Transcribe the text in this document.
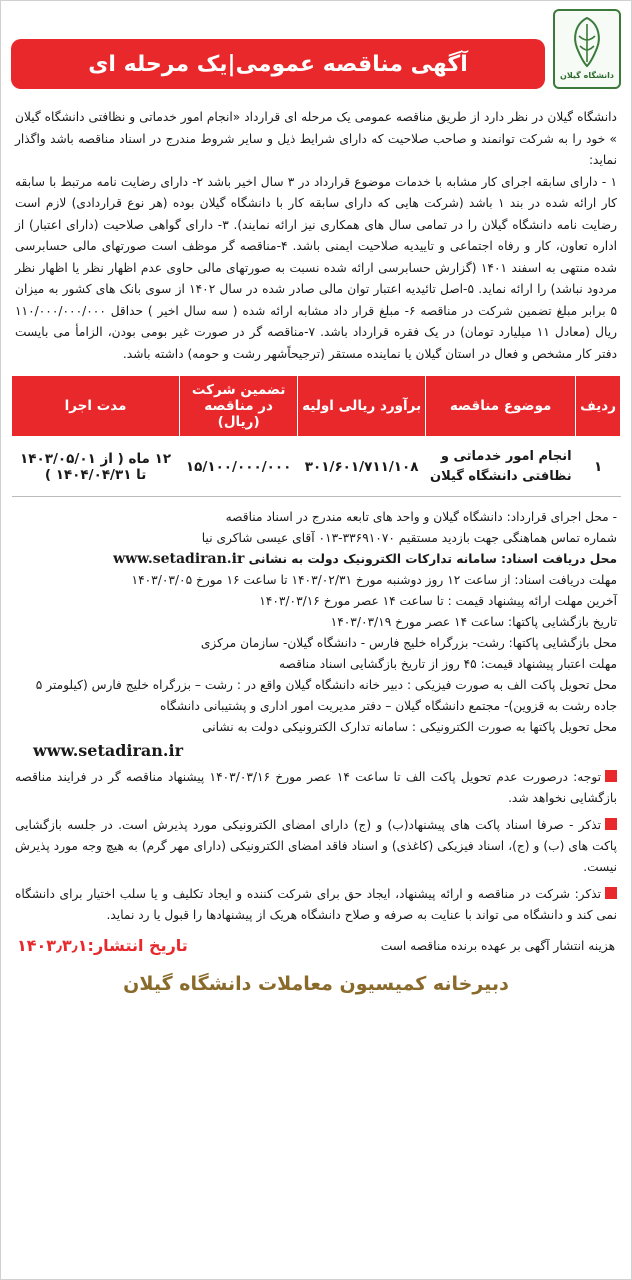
دانشگاه گیلان
آگهی مناقصه عمومی|یک مرحله ای

دانشگاه گیلان در نظر دارد از طریق مناقصه عمومی یک مرحله ای قرارداد «انجام امور خدماتی و نظافتی دانشگاه گیلان » خود را به شرکت توانمند و صاحب صلاحیت که دارای شرایط ذیل و سایر شروط مندرج در اسناد مناقصه باشد واگذار نماید:

۱ - دارای سابقه اجرای کار مشابه با خدمات موضوع قرارداد در ۳ سال اخیر باشد ۲- دارای رضایت نامه مرتبط با سابقه کار ارائه شده در بند ۱ باشد (شرکت هایی که دارای سابقه کار با دانشگاه گیلان بوده (هر نوع قراردادی) لازم است رضایت نامه دانشگاه گیلان را در تمامی سال های همکاری نیز ارائه نمایند). ۳- دارای گواهی صلاحیت (دارای اعتبار) از اداره تعاون، کار و رفاه اجتماعی و تاییدیه صلاحیت ایمنی باشد. ۴-مناقصه گر موظف است صورتهای مالی حسابرسی شده منتهی به اسفند ۱۴۰۱ (گزارش حسابرسی ارائه شده نسبت به صورتهای مالی حاوی عدم اظهار نظر یا اظهار نظر مردود نباشد) را ارائه نماید. ۵-اصل تائیدیه اعتبار توان مالی صادر شده در سال ۱۴۰۲ از سوی بانک های کشور به میزان ۵ برابر مبلغ تضمین شرکت در مناقصه ۶- مبلغ قرار داد مشابه ارائه شده ( سه سال اخیر ) حداقل ۱۱۰/۰۰۰/۰۰۰/۰۰۰ ریال (معادل ۱۱ میلیارد تومان) در یک فقره قرارداد باشد. ۷-مناقصه گر در صورت غیر بومی بودن، الزامأ می بایست دفتر کار مشخص و فعال در استان گیلان یا نماینده مستقر (ترجیحاًشهر رشت و حومه) داشته باشد.

ردیف	موضوع مناقصه	برآورد ریالی اولیه	تضمین شرکت در مناقصه (ریال)	مدت اجرا
۱	انجام امور خدماتی و نظافتی دانشگاه گیلان	۳۰۱/۶۰۱/۷۱۱/۱۰۸	۱۵/۱۰۰/۰۰۰/۰۰۰	۱۲ ماه ( از ۱۴۰۳/۰۵/۰۱ تا ۱۴۰۴/۰۴/۳۱ )
- محل اجرای قرارداد: دانشگاه گیلان و واحد های تابعه مندرج در اسناد مناقصه
شماره تماس هماهنگی جهت بازدید مستقیم ۳۳۶۹۱۰۷۰-۰۱۳ آقای عیسی شاکری نیا
محل دریافت اسناد: سامانه تدارکات الکترونیک دولت به نشانی www.setadiran.ir
مهلت دریافت اسناد: از ساعت ۱۲ روز دوشنبه مورخ ۱۴۰۳/۰۲/۳۱ تا ساعت ۱۶ مورخ ۱۴۰۳/۰۳/۰۵
آخرین مهلت ارائه پیشنهاد قیمت : تا ساعت ۱۴ عصر مورخ ۱۴۰۳/۰۳/۱۶
تاریخ بازگشایی پاکتها: ساعت ۱۴ عصر مورخ ۱۴۰۳/۰۳/۱۹
محل بازگشایی پاکتها: رشت- بزرگراه خلیج فارس - دانشگاه گیلان- سازمان مرکزی
مهلت اعتبار پیشنهاد قیمت: ۴۵ روز از تاریخ بازگشایی اسناد مناقصه
محل تحویل پاکت الف به صورت فیزیکی : دبیر خانه دانشگاه گیلان واقع در : رشت – بزرگراه خلیج فارس (کیلومتر ۵ جاده رشت به قزوین)- مجتمع دانشگاه گیلان – دفتر مدیریت امور اداری و پشتیبانی دانشگاه
محل تحویل پاکتها به صورت الکترونیکی : سامانه تدارک الکترونیکی دولت به نشانی
www.setadiran.ir
توجه: درصورت عدم تحویل پاکت الف تا ساعت ۱۴ عصر مورخ ۱۴۰۳/۰۳/۱۶ پیشنهاد مناقصه گر در فرایند مناقصه بازگشایی نخواهد شد.
تذکر - صرفا اسناد پاکت های پیشنهاد(ب) و (ج) دارای امضای الکترونیکی مورد پذیرش است. در جلسه بازگشایی پاکت های (ب) و (ج)، اسناد فیزیکی (کاغذی) و اسناد فاقد امضای الکترونیکی (دارای مهر گرم) به هیچ وجه مورد پذیرش نیست.
تذکر: شرکت در مناقصه و ارائه پیشنهاد، ایجاد حق برای شرکت کننده و ایجاد تکلیف و یا سلب اختیار برای دانشگاه نمی کند و دانشگاه می تواند با عنایت به صرفه و صلاح دانشگاه هریک از پیشنهادها را قبول یا رد نماید.
هزینه انتشار آگهی بر عهده برنده مناقصه است
تاریخ انتشار:۱۴۰۳٫۳٫۱
دبیرخانه کمیسیون معاملات دانشگاه گیلان
